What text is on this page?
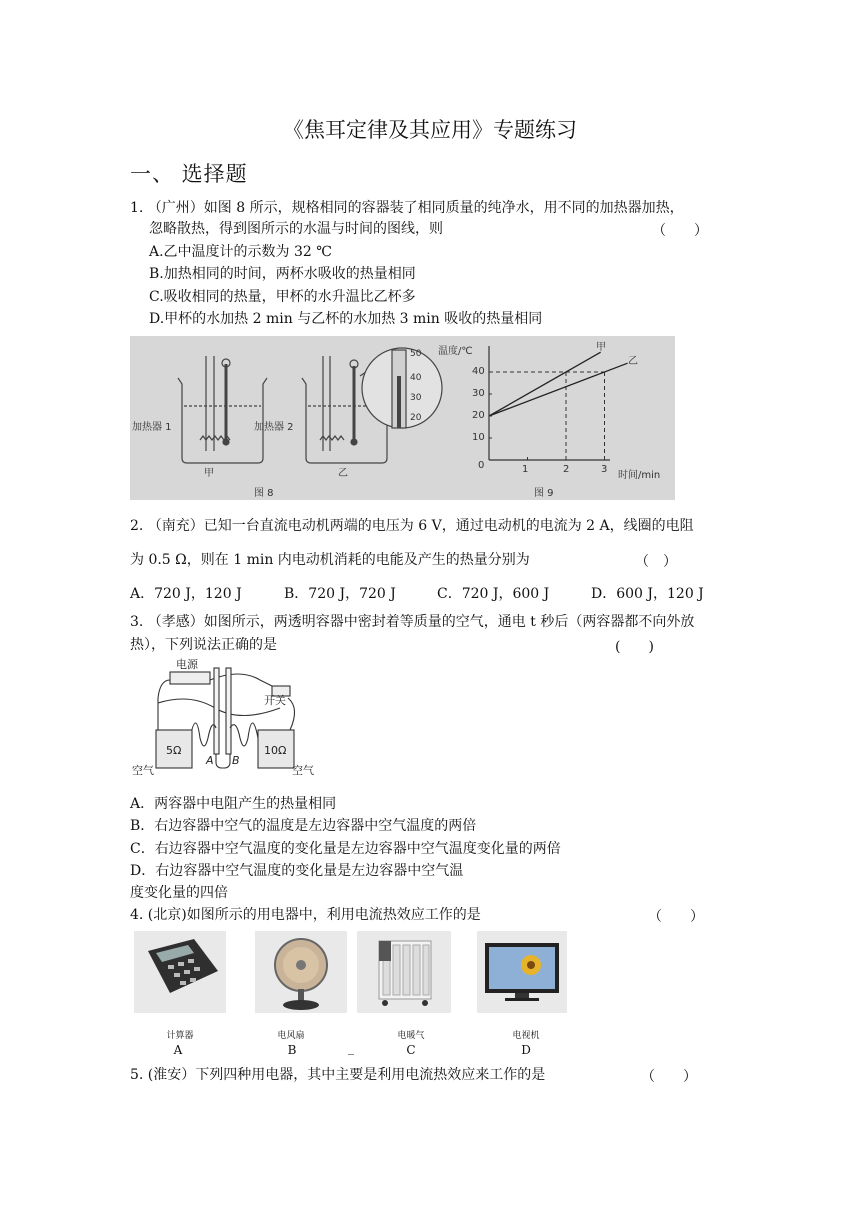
《焦耳定律及其应用》专题练习
一、 选择题
1. （广州）如图 8 所示，规格相同的容器装了相同质量的纯净水，用不同的加热器加热，
忽略散热，得到图所示的水温与时间的图线，则	（　　）
A.乙中温度计的示数为 32 ℃
B.加热相同的时间，两杯水吸收的热量相同
C.吸收相同的热量，甲杯的水升温比乙杯多
D.甲杯的水加热 2 min 与乙杯的水加热 3 min 吸收的热量相同
50
40
30
20
加热器 1	加热器 2
甲	乙
图 8
温度/℃
时间/min
40
30
20
10
0	1	2	3
甲
乙
图 9
2. （南充）已知一台直流电动机两端的电压为 6 V，通过电动机的电流为 2 A，线圈的电阻
为 0.5 Ω，则在 1 min 内电动机消耗的电能及产生的热量分别为	（　）
A．720 J，120 J	B．720 J，720 J	C．720 J，600 J	D．600 J，120 J
3. （孝感）如图所示，两透明容器中密封着等质量的空气，通电 t 秒后（两容器都不向外放
热），下列说法正确的是	(　　)
电源
开关
5Ω	10Ω
A B
空气	空气
A．两容器中电阻产生的热量相同
B．右边容器中空气的温度是左边容器中空气温度的两倍
C．右边容器中空气温度的变化量是左边容器中空气温度变化量的两倍
D．右边容器中空气温度的变化量是左边容器中空气温
度变化量的四倍
4. (北京)如图所示的用电器中，利用电流热效应工作的是	（　　）
计算器	电风扇	电暖气	电视机
A	B	_	C	D
5. (淮安）下列四种用电器，其中主要是利用电流热效应来工作的是	（　　）
